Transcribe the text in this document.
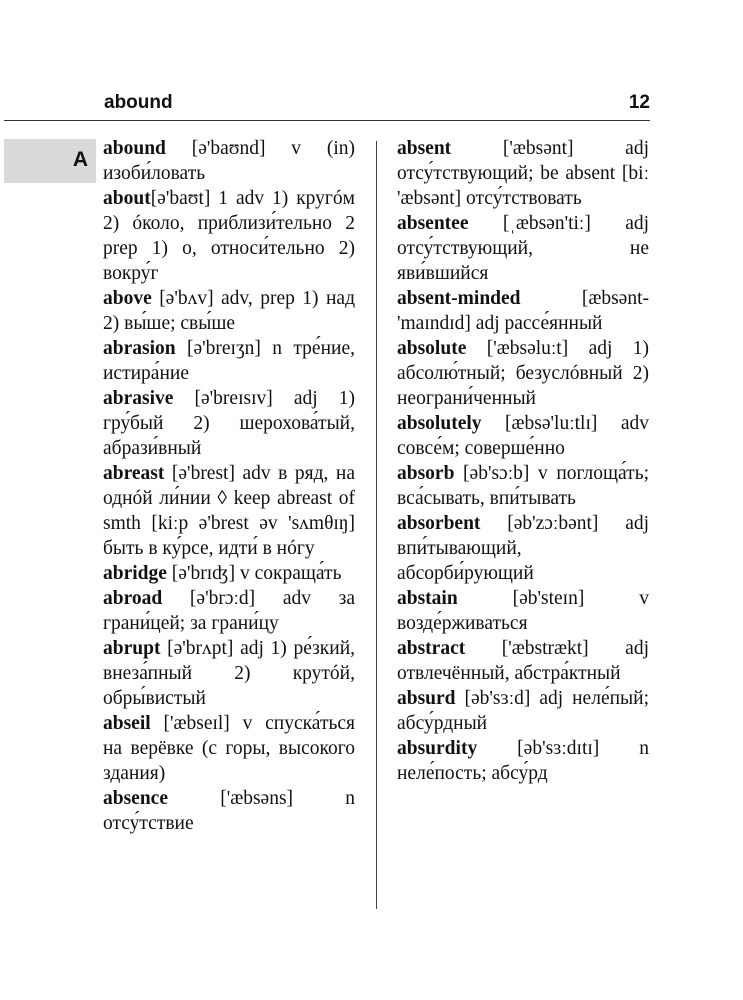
abound	12
A abound [ə'baʊnd] v (in) изоби́ловать
about[ə'baʊt] 1 adv 1) кругóм 2) óколо, приблизи́тельно 2 prep 1) о, относи́тельно 2) вокру́г
above [ə'bʌv] adv, prep 1) над 2) вы́ше; свы́ше
abrasion [ə'breɪʒn] n тре́ние, истира́ние
abrasive [ə'breɪsɪv] adj 1) гру́бый 2) шерохова́тый, абрази́вный
abreast [ə'brest] adv в ряд, на однóй ли́нии ◊ keep abreast of smth [kiːp ə'brest əv 'sʌmθɪŋ] быть в ку́рсе, идти́ в нóгу
abridge [ə'brɪʤ] v сокраща́ть
abroad [ə'brɔːd] adv за грани́цей; за грани́цу
abrupt [ə'brʌpt] adj 1) ре́зкий, внеза́пный 2) крутóй, обры́вистый
abseil ['æbseɪl] v спуска́ться на верёвке (с горы, высокого здания)
absence	['æbsəns]	n отсу́тствие
absent	['æbsənt]	adj отсу́тствующий; be absent [biː 'æbsənt] отсу́тствовать
absentee [ˌæbsən'tiː] adj отсу́тствующий, не яви́вшийся
absent-minded	[æbsənt-'maɪndɪd] adj рассе́янный
absolute ['æbsəluːt] adj 1) абсолю́тный; безуслóвный 2) неограни́ченный
absolutely [æbsə'luːtlɪ] adv совсе́м; соверше́нно
absorb [əb'sɔːb] v поглоща́ть; вса́сывать, впи́тывать
absorbent [əb'zɔːbənt] adj впи́тывающий, абсорби́рующий
abstain	[əb'steɪn]	v возде́рживаться
abstract ['æbstrækt] adj отвлечённый, абстра́ктный
absurd [əb'sɜːd] adj неле́пый; абсу́рдный
absurdity [əb'sɜːdɪtɪ] n неле́пость; абсу́рд
